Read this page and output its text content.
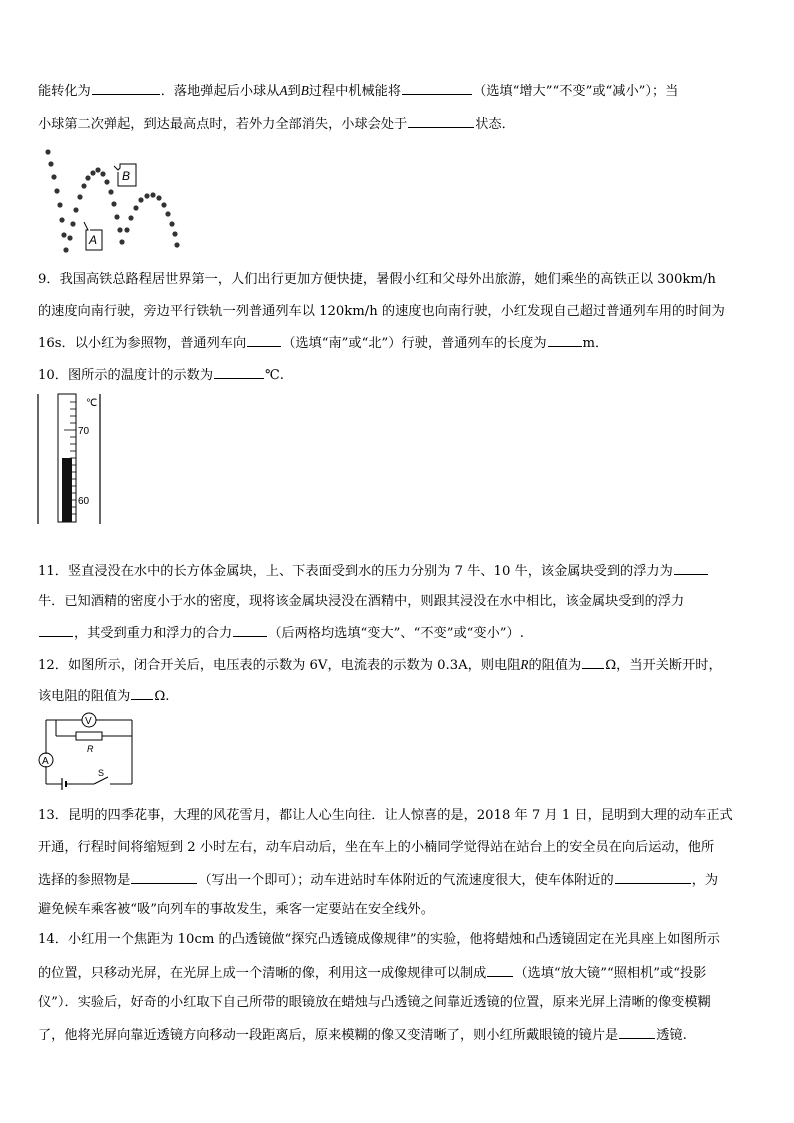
能转化为	．落地弹起后小球从A到B过程中机械能将	（选填“增大”“不变”或“减小”）；当
小球第二次弹起，到达最高点时，若外力全部消失，小球会处于	状态．
B
A
9．我国高铁总路程居世界第一，人们出行更加方便快捷，暑假小红和父母外出旅游，她们乘坐的高铁正以 300km/h
的速度向南行驶，旁边平行铁轨一列普通列车以 120km/h 的速度也向南行驶，小红发现自己超过普通列车用的时间为
16s．以小红为参照物，普通列车向	（选填“南”或“北”）行驶，普通列车的长度为	m．
10．图所示的温度计的示数为	℃.
℃
70
60
11．竖直浸没在水中的长方体金属块，上、下表面受到水的压力分别为 7 牛、10 牛，该金属块受到的浮力为
牛．已知酒精的密度小于水的密度，现将该金属块浸没在酒精中，则跟其浸没在水中相比，该金属块受到的浮力
，其受到重力和浮力的合力	（后两格均选填“变大”、“不变”或“变小”）.
12．如图所示，闭合开关后，电压表的示数为 6V，电流表的示数为 0.3A，则电阻R的阻值为 Ω，当开关断开时，
该电阻的阻值为 Ω.
V
R
A
S
13．昆明的四季花事，大理的风花雪月，都让人心生向往．让人惊喜的是，2018 年 7 月 1 日，昆明到大理的动车正式
开通，行程时间将缩短到 2 小时左右，动车启动后，坐在车上的小楠同学觉得站在站台上的安全员在向后运动，他所
选择的参照物是	（写出一个即可）；动车进站时车体附近的气流速度很大，使车体附近的	，为
避免候车乘客被“吸”向列车的事故发生，乘客一定要站在安全线外。
14．小红用一个焦距为 10cm 的凸透镜做“探究凸透镜成像规律”的实验，他将蜡烛和凸透镜固定在光具座上如图所示
的位置，只移动光屏，在光屏上成一个清晰的像，利用这一成像规律可以制成 （选填“放大镜”“照相机”或“投影
仪”）．实验后，好奇的小红取下自己所带的眼镜放在蜡烛与凸透镜之间靠近透镜的位置，原来光屏上清晰的像变模糊
了，他将光屏向靠近透镜方向移动一段距离后，原来模糊的像又变清晰了，则小红所戴眼镜的镜片是	透镜.
